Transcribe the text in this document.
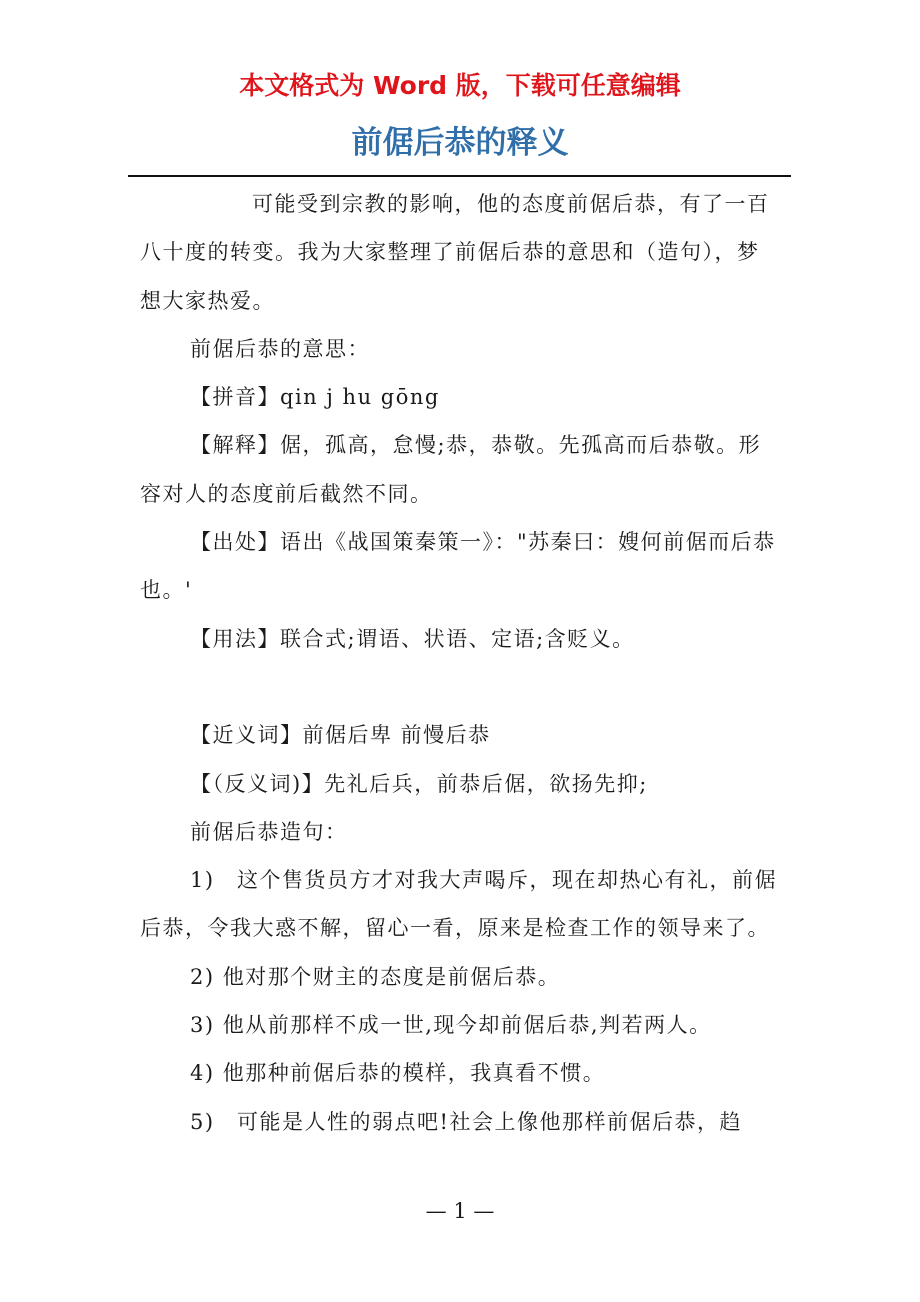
本文格式为 Word 版，下载可任意编辑
前倨后恭的释义

可能受到宗教的影响，他的态度前倨后恭，有了一百八十度的转变。我为大家整理了前倨后恭的意思和（造句），梦想大家热爱。

前倨后恭的意思：

【拼音】qin j hu gōng

【解释】倨，孤高，怠慢;恭，恭敬。先孤高而后恭敬。形容对人的态度前后截然不同。

【出处】语出《战国策秦策一》："苏秦曰：嫂何前倨而后恭也。'

【用法】联合式;谓语、状语、定语;含贬义。

【近义词】前倨后卑 前慢后恭

【（反义词)】先礼后兵，前恭后倨，欲扬先抑;

前倨后恭造句：

1)　这个售货员方才对我大声喝斥，现在却热心有礼，前倨后恭，令我大惑不解，留心一看，原来是检查工作的领导来了。

2) 他对那个财主的态度是前倨后恭。

3) 他从前那样不成一世,现今却前倨后恭,判若两人。

4) 他那种前倨后恭的模样，我真看不惯。

5)　可能是人性的弱点吧!社会上像他那样前倨后恭，趋

— 1 —
